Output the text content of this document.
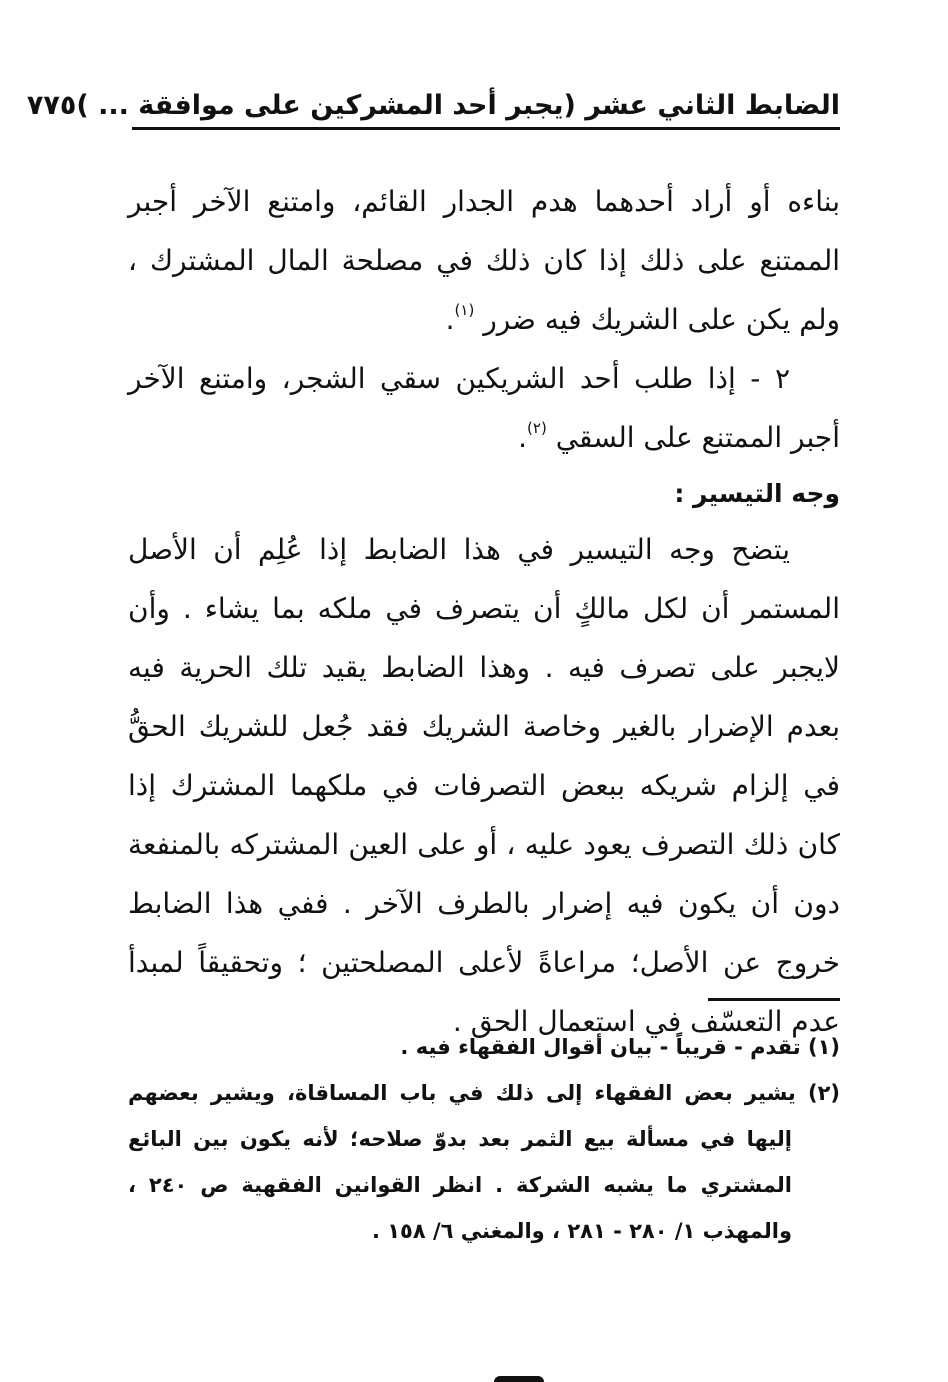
الضابط الثاني عشر (يجبر أحد المشركين على موافقة ... )
٧٧٥

بناءه أو أراد أحدهما هدم الجدار القائم، وامتنع الآخر أجبر الممتنع على ذلك إذا كان ذلك في مصلحة المال المشترك ، ولم يكن على الشريك فيه ضرر $^{(١)}$.

٢ - إذا طلب أحد الشريكين سقي الشجر، وامتنع الآخر أجبر الممتنع على السقي $^{(٢)}$.

وجه التيسير :

يتضح وجه التيسير في هذا الضابط إذا عُلِم أن الأصل المستمر أن لكل مالكٍ أن يتصرف في ملكه بما يشاء . وأن لايجبر على تصرف فيه . وهذا الضابط يقيد تلك الحرية فيه بعدم الإضرار بالغير وخاصة الشريك فقد جُعل للشريك الحقُّ في إلزام شريكه ببعض التصرفات في ملكهما المشترك إذا كان ذلك التصرف يعود عليه ، أو على العين المشتركه بالمنفعة دون أن يكون فيه إضرار بالطرف الآخر . ففي هذا الضابط خروج عن الأصل؛ مراعاةً لأعلى المصلحتين ؛ وتحقيقاً لمبدأ عدم التعسّف في استعمال الحق .

(١) تقدم - قريباً - بيان أقوال الفقهاء فيه .

(٢) يشير بعض الفقهاء إلى ذلك في باب المساقاة، ويشير بعضهم إليها في مسألة بيع الثمر بعد بدوّ صلاحه؛ لأنه يكون بين البائع المشتري ما يشبه الشركة . انظر القوانين الفقهية ص ٢٤٠ ، والمهذب ١/ ٢٨٠ - ٢٨١ ، والمغني ٦/ ١٥٨ .
